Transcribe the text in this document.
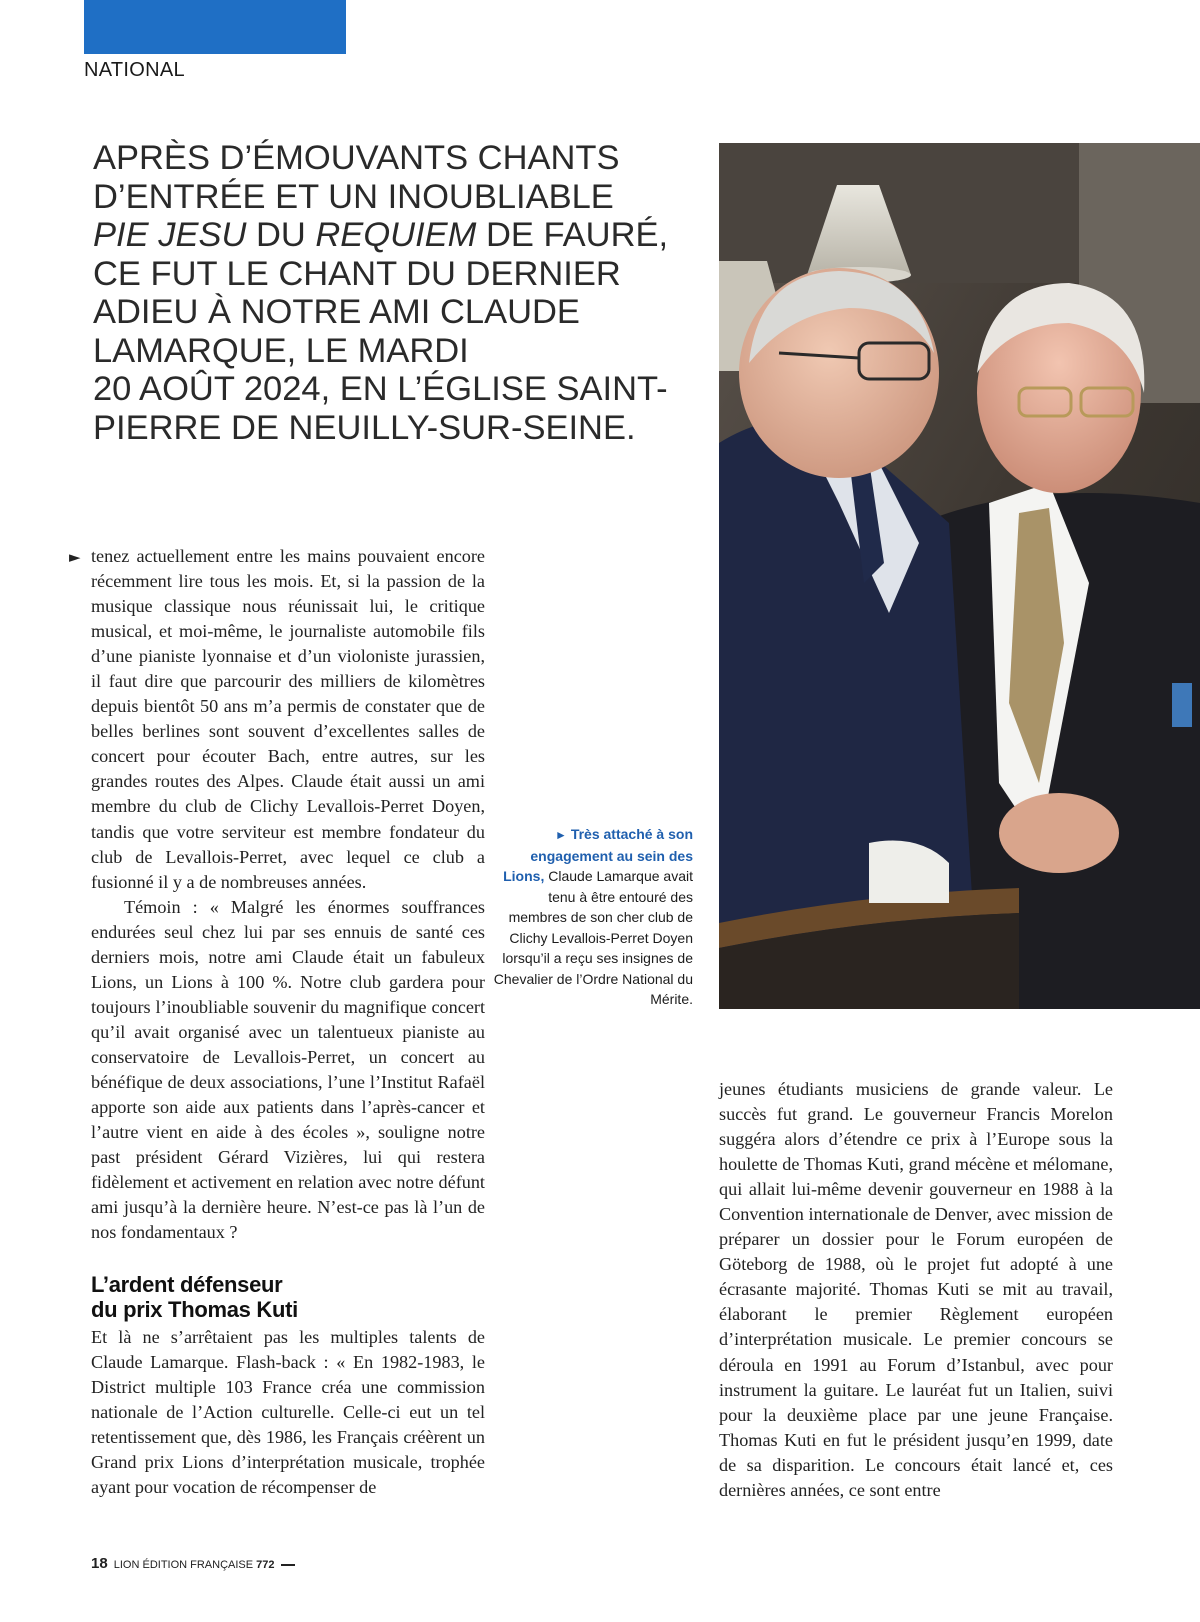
NATIONAL
APRÈS D’ÉMOUVANTS CHANTS
D’ENTRÉE ET UN INOUBLIABLE
PIE JESU DU REQUIEM DE FAURÉ,
CE FUT LE CHANT DU DERNIER
ADIEU À NOTRE AMI CLAUDE
LAMARQUE, LE MARDI
20 AOÛT 2024, EN L’ÉGLISE SAINT-
PIERRE DE NEUILLY-SUR-SEINE.
► Très attaché à son engagement au sein des Lions, Claude Lamarque avait tenu à être entouré des membres de son cher club de Clichy Levallois-Perret Doyen lorsqu’il a reçu ses insignes de Chevalier de l’Ordre National du Mérite.
► tenez actuellement entre les mains pouvaient encore récemment lire tous les mois. Et, si la passion de la musique classique nous réunissait lui, le critique musical, et moi-même, le journaliste automobile fils d’une pianiste lyonnaise et d’un violoniste jurassien, il faut dire que parcourir des milliers de kilomètres depuis bientôt 50 ans m’a permis de constater que de belles berlines sont souvent d’excellentes salles de concert pour écouter Bach, entre autres, sur les grandes routes des Alpes. Claude était aussi un ami membre du club de Clichy Levallois-Perret Doyen, tandis que votre serviteur est membre fondateur du club de Levallois-Perret, avec lequel ce club a fusionné il y a de nombreuses années.

Témoin : « Malgré les énormes souffrances endurées seul chez lui par ses ennuis de santé ces derniers mois, notre ami Claude était un fabuleux Lions, un Lions à 100 %. Notre club gardera pour toujours l’inoubliable souvenir du magnifique concert qu’il avait organisé avec un talentueux pianiste au conservatoire de Levallois-Perret, un concert au bénéfique de deux associations, l’une l’Institut Rafaël apporte son aide aux patients dans l’après-cancer et l’autre vient en aide à des écoles », souligne notre past président Gérard Vizières, lui qui restera fidèlement et activement en relation avec notre défunt ami jusqu’à la dernière heure. N’est-ce pas là l’un de nos fondamentaux ?

L’ardent défenseur
du prix Thomas Kuti

Et là ne s’arrêtaient pas les multiples talents de Claude Lamarque. Flash-back : « En 1982-1983, le District multiple 103 France créa une commission nationale de l’Action culturelle. Celle-ci eut un tel retentissement que, dès 1986, les Français créèrent un Grand prix Lions d’interprétation musicale, trophée ayant pour vocation de récompenser de

jeunes étudiants musiciens de grande valeur. Le succès fut grand. Le gouverneur Francis Morelon suggéra alors d’étendre ce prix à l’Europe sous la houlette de Thomas Kuti, grand mécène et mélomane, qui allait lui-même devenir gouverneur en 1988 à la Convention internationale de Denver, avec mission de préparer un dossier pour le Forum européen de Göteborg de 1988, où le projet fut adopté à une écrasante majorité. Thomas Kuti se mit au travail, élaborant le premier Règlement européen d’interprétation musicale. Le premier concours se déroula en 1991 au Forum d’Istanbul, avec pour instrument la guitare. Le lauréat fut un Italien, suivi pour la deuxième place par une jeune Française. Thomas Kuti en fut le président jusqu’en 1999, date de sa disparition. Le concours était lancé et, ces dernières années, ce sont entre

18 LION ÉDITION FRANÇAISE 772
